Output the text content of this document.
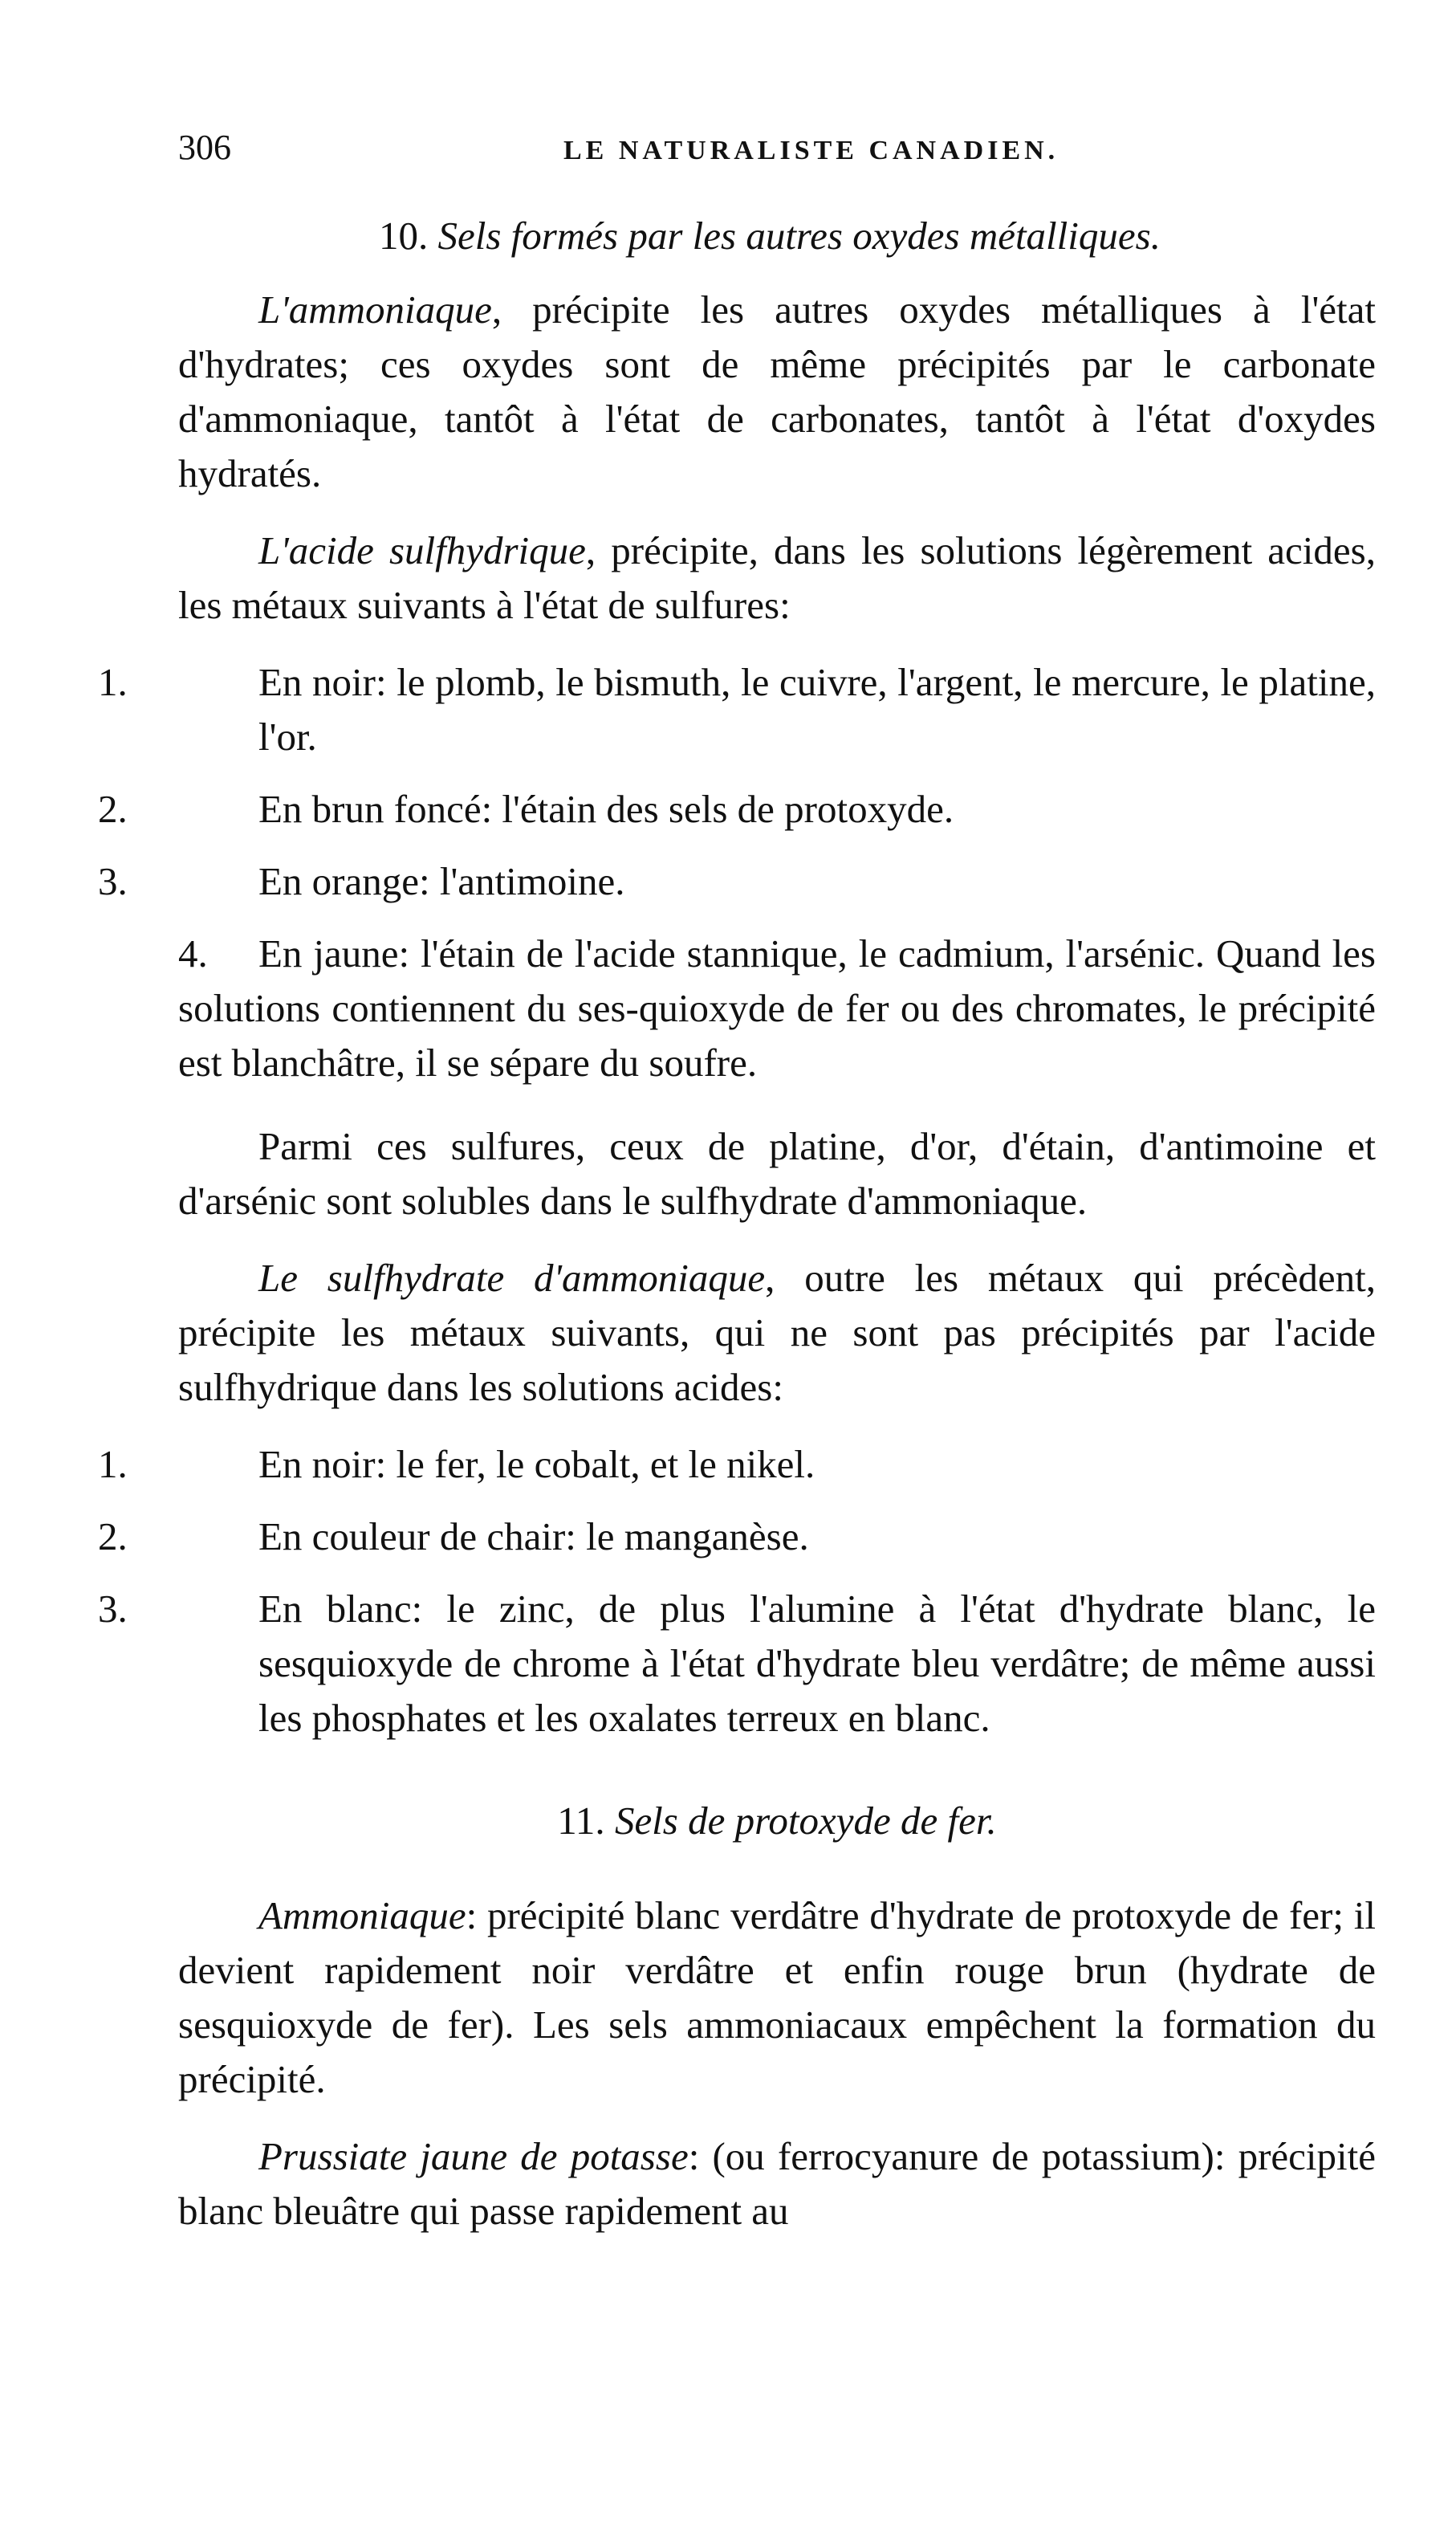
306	LE NATURALISTE CANADIEN.
10. Sels formés par les autres oxydes métalliques.

L'ammoniaque, précipite les autres oxydes métalliques à l'état d'hydrates; ces oxydes sont de même précipités par le carbonate d'ammoniaque, tantôt à l'état de carbonates, tantôt à l'état d'oxydes hydratés.

L'acide sulfhydrique, précipite, dans les solutions légèrement acides, les métaux suivants à l'état de sulfures:

1.	En noir: le plomb, le bismuth, le cuivre, l'argent, le mercure, le platine, l'or.
2.	En brun foncé: l'étain des sels de protoxyde.
3.	En orange: l'antimoine.
4. En jaune: l'étain de l'acide stannique, le cadmium, l'arsénic. Quand les solutions contiennent du ses-quioxyde de fer ou des chromates, le précipité est blanchâtre, il se sépare du soufre.

Parmi ces sulfures, ceux de platine, d'or, d'étain, d'antimoine et d'arsénic sont solubles dans le sulfhydrate d'ammoniaque.

Le sulfhydrate d'ammoniaque, outre les métaux qui précèdent, précipite les métaux suivants, qui ne sont pas précipités par l'acide sulfhydrique dans les solutions acides:

1.	En noir: le fer, le cobalt, et le nikel.
2.	En couleur de chair: le manganèse.
3.	En blanc: le zinc, de plus l'alumine à l'état d'hydrate blanc, le sesquioxyde de chrome à l'état d'hydrate bleu verdâtre; de même aussi les phosphates et les oxalates terreux en blanc.
11. Sels de protoxyde de fer.

Ammoniaque: précipité blanc verdâtre d'hydrate de protoxyde de fer; il devient rapidement noir verdâtre et enfin rouge brun (hydrate de sesquioxyde de fer). Les sels ammoniacaux empêchent la formation du précipité.

Prussiate jaune de potasse: (ou ferrocyanure de potassium): précipité blanc bleuâtre qui passe rapidement au
